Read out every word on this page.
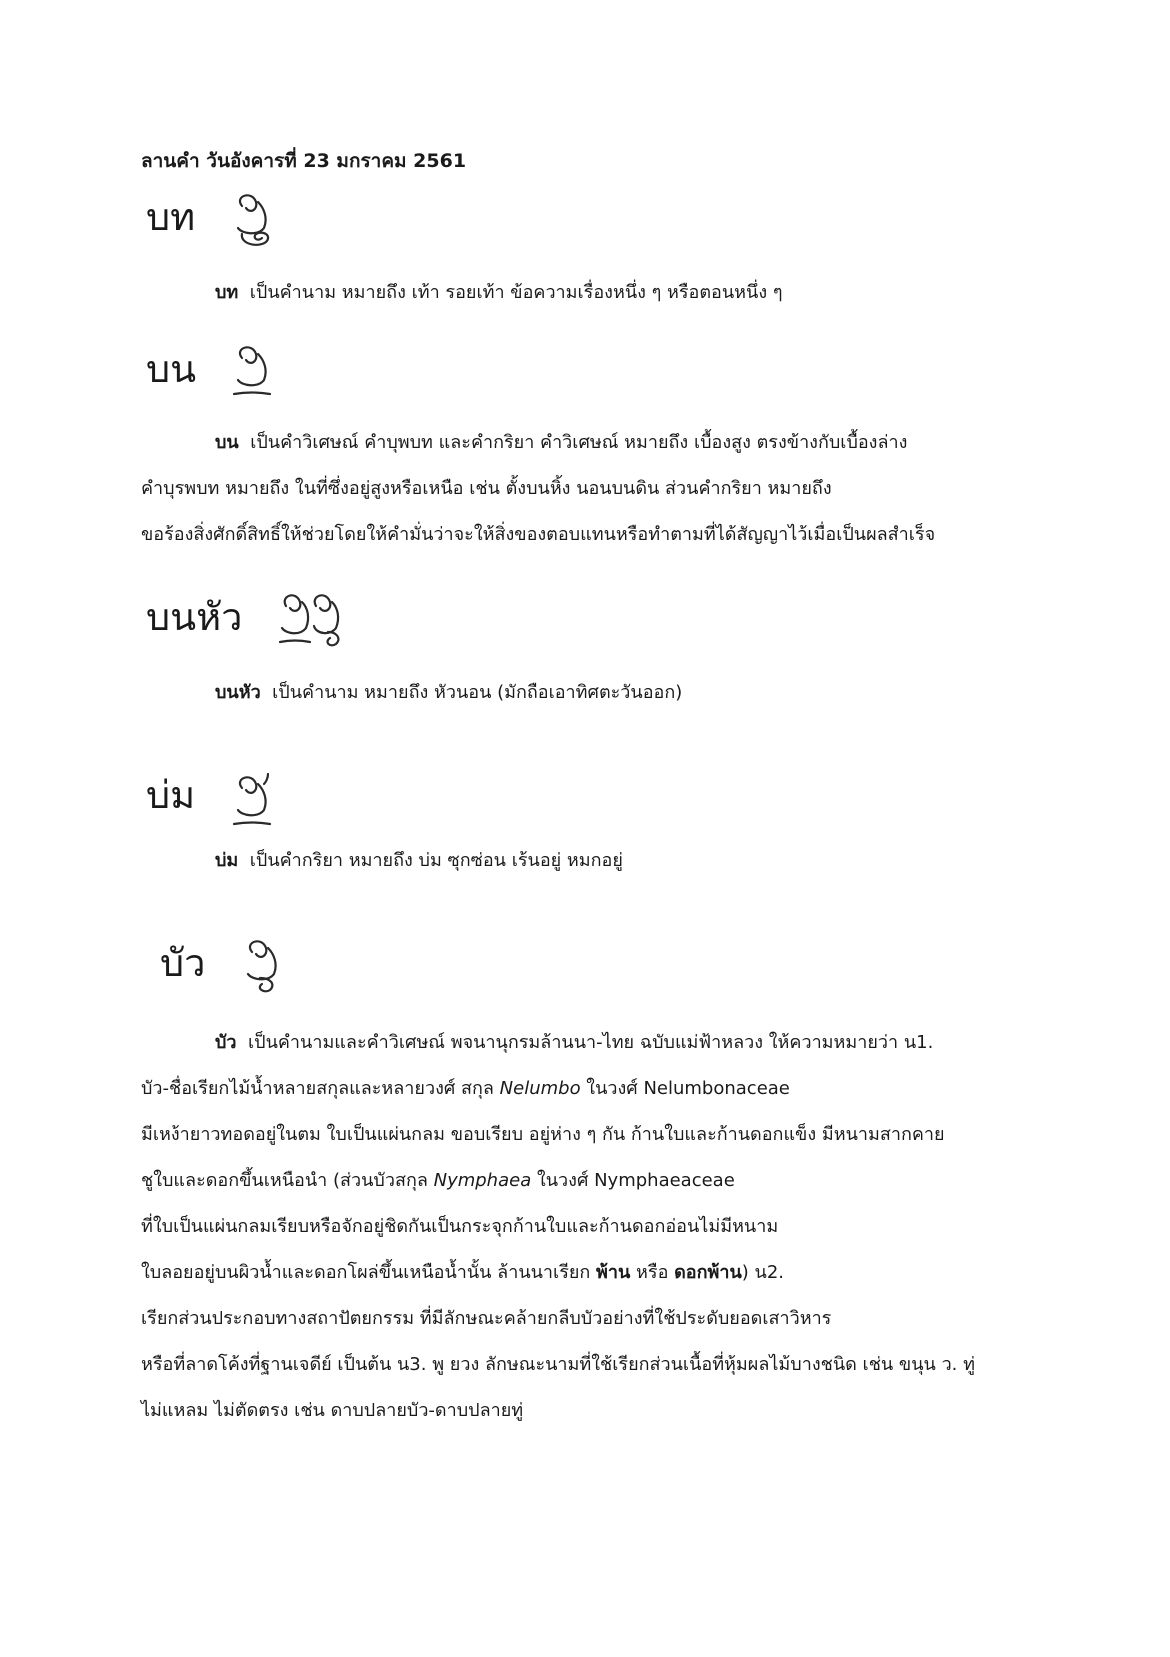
ลานคำ วันอังคารที่ 23 มกราคม 2561
บท

บท เป็นคำนาม หมายถึง เท้า รอยเท้า ข้อความเรื่องหนึ่ง ๆ หรือตอนหนึ่ง ๆ

บน
บน เป็นคำวิเศษณ์ คำบุพบท และคำกริยา คำวิเศษณ์ หมายถึง เบื้องสูง ตรงข้างกับเบื้องล่าง
คำบุรพบท หมายถึง ในที่ซึ่งอยู่สูงหรือเหนือ เช่น ตั้งบนหิ้ง นอนบนดิน ส่วนคำกริยา หมายถึง
ขอร้องสิ่งศักดิ์สิทธิ์ให้ช่วยโดยให้คำมั่นว่าจะให้สิ่งของตอบแทนหรือทำตามที่ได้สัญญาไว้เมื่อเป็นผลสำเร็จ
บนหัว

บนหัว เป็นคำนาม หมายถึง หัวนอน (มักถือเอาทิศตะวันออก)

บ่ม

บ่ม เป็นคำกริยา หมายถึง บ่ม ซุกซ่อน เร้นอยู่ หมกอยู่

บัว
บัว เป็นคำนามและคำวิเศษณ์ พจนานุกรมล้านนา-ไทย ฉบับแม่ฟ้าหลวง ให้ความหมายว่า น1.
บัว-ชื่อเรียกไม้น้ำหลายสกุลและหลายวงศ์ สกุล Nelumbo ในวงศ์ Nelumbonaceae
มีเหง้ายาวทอดอยู่ในตม ใบเป็นแผ่นกลม ขอบเรียบ อยู่ห่าง ๆ กัน ก้านใบและก้านดอกแข็ง มีหนามสากคาย
ชูใบและดอกขึ้นเหนือนำ (ส่วนบัวสกุล Nymphaea ในวงศ์ Nymphaeaceae
ที่ใบเป็นแผ่นกลมเรียบหรือจักอยู่ชิดกันเป็นกระจุกก้านใบและก้านดอกอ่อนไม่มีหนาม
ใบลอยอยู่บนผิวน้ำและดอกโผล่ขึ้นเหนือน้ำนั้น ล้านนาเรียก พ้าน หรือ ดอกพ้าน) น2.
เรียกส่วนประกอบทางสถาปัตยกรรม ที่มีลักษณะคล้ายกลีบบัวอย่างที่ใช้ประดับยอดเสาวิหาร
หรือที่ลาดโค้งที่ฐานเจดีย์ เป็นต้น น3. พู ยวง ลักษณะนามที่ใช้เรียกส่วนเนื้อที่หุ้มผลไม้บางชนิด เช่น ขนุน ว. ทู่
ไม่แหลม ไม่ตัดตรง เช่น ดาบปลายบัว-ดาบปลายทู่
